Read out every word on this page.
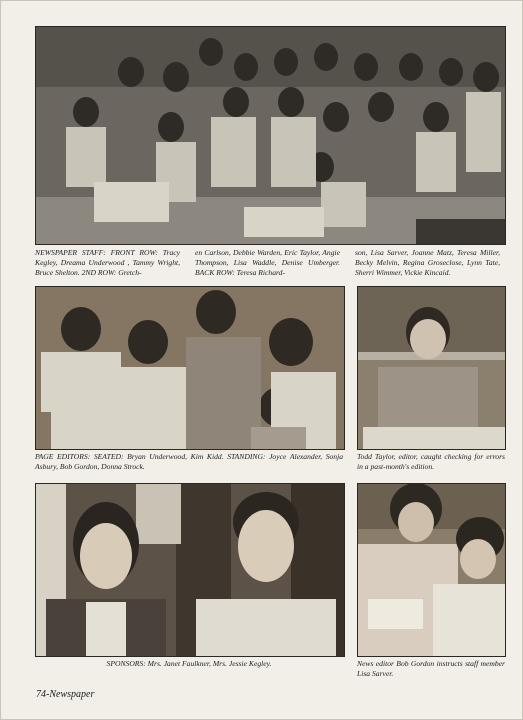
NEWSPAPER STAFF: FRONT ROW: Tracy Kegley, Dreama Underwood , Tammy Wright, Bruce Shelton. 2ND ROW: Gretch-

en Carlson, Debbie Warden, Eric Taylor, Angie Thompson, Lisa Waddle, Denise Umberger. BACK ROW: Teresa Richard-

son, Lisa Sarver, Joanne Matz, Teresa Miller, Becky Melvin, Regina Groseclose, Lynn Tate, Sherri Wimmer, Vickie Kincaid.

PAGE EDITORS: SEATED: Bryan Underwood, Kim Kidd. STANDING: Joyce Alexander, Sonja Asbury, Bob Gordon, Donna Strock.

Todd Taylor, editor, caught checking for errors in a past-month's edition.

SPONSORS: Mrs. Janet Faulkner, Mrs. Jessie Kegley.	News editor Bob Gordon instructs staff member Lisa Sarver.

74-Newspaper
